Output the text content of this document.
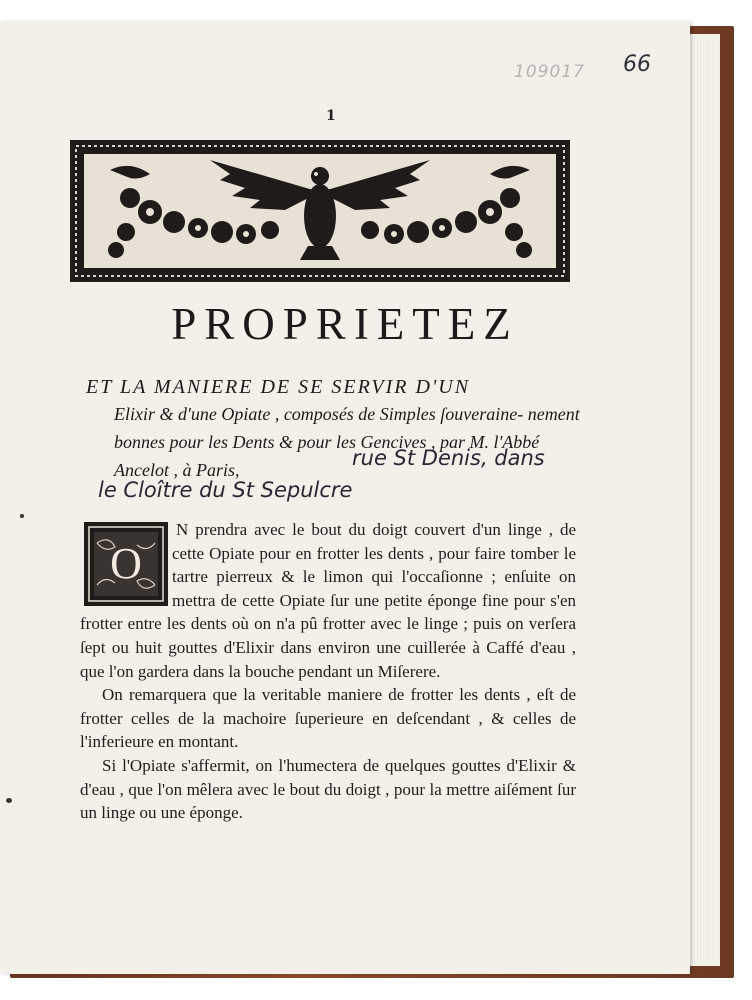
109017 66
1
PROPRIETEZ
ET LA MANIERE DE SE SERVIR D'UN
Elixir & d'une Opiate , composés de Simples ſouveraine- nement bonnes pour les Dents & pour les Gencives , par M. l'Abbé Ancelot , à Paris,	rue St Denis, dans
le Cloître du St Sepulcre
O

N prendra avec le bout du doigt couvert d'un linge , de cette Opiate pour en frotter les dents , pour faire tomber le tartre pierreux & le limon qui l'occaſionne ; enſuite on mettra de cette Opiate ſur une petite éponge fine pour s'en frotter entre les dents où on n'a pû frotter avec le linge ; puis on verſera ſept ou huit gouttes d'Elixir dans environ une cuillerée à Caffé d'eau , que l'on gardera dans la bouche pendant un Miſerere.

On remarquera que la veritable maniere de frotter les dents , eſt de frotter celles de la machoire ſuperieure en deſcendant , & celles de l'inferieure en montant.

Si l'Opiate s'affermit, on l'humectera de quelques gouttes d'Elixir & d'eau , que l'on mêlera avec le bout du doigt , pour la mettre aiſément ſur un linge ou une éponge.
